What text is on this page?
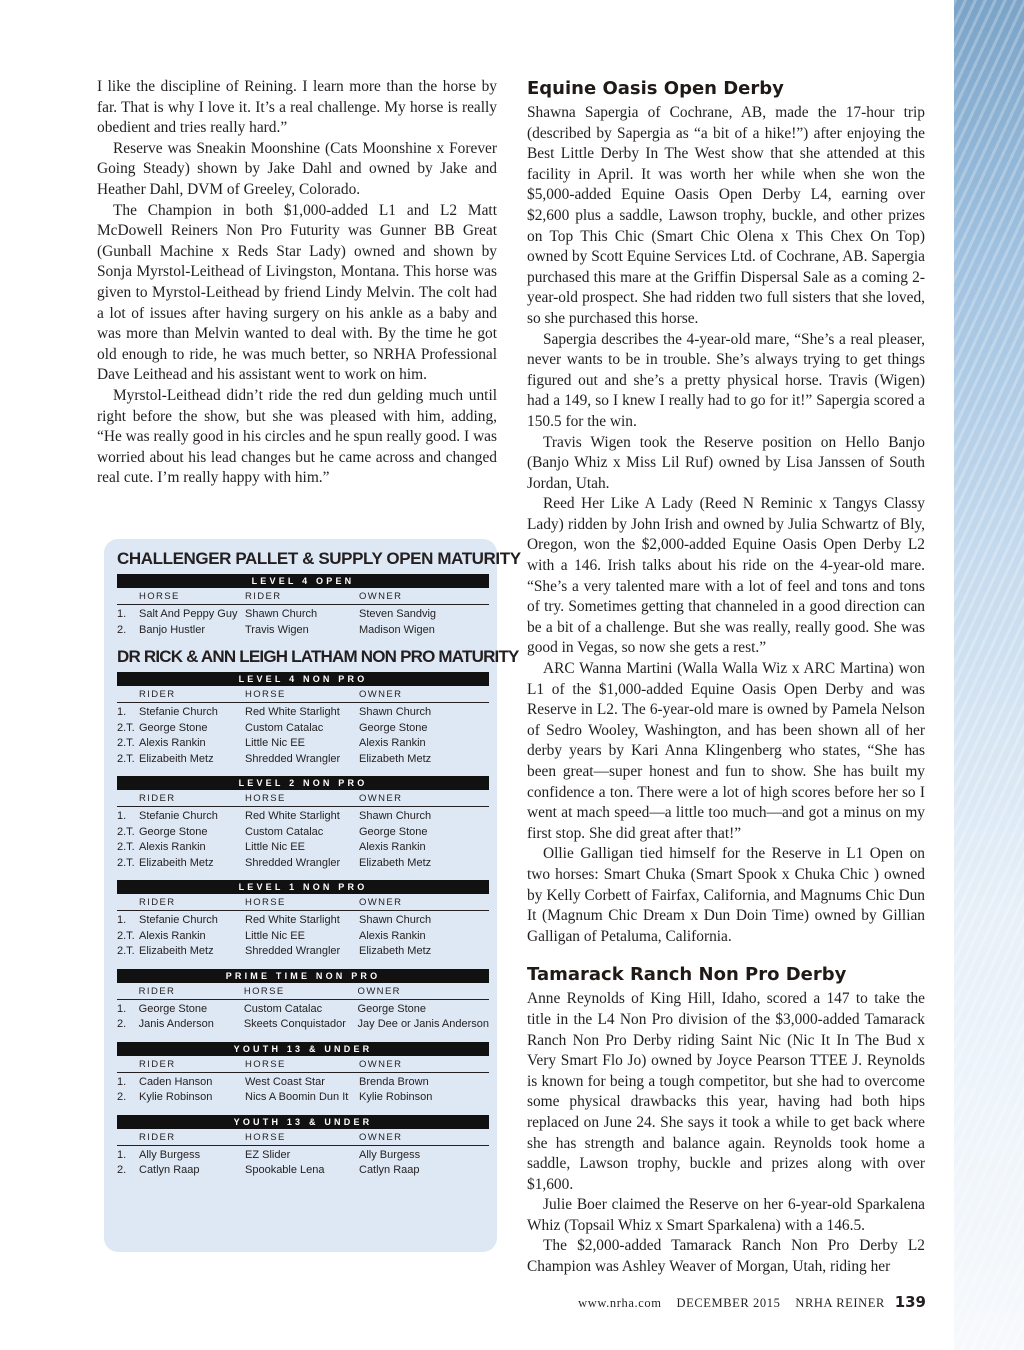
I like the discipline of Reining. I learn more than the horse by far. That is why I love it. It’s a real challenge. My horse is really obedient and tries really hard.”

Reserve was Sneakin Moonshine (Cats Moonshine x Forever Going Steady) shown by Jake Dahl and owned by Jake and Heather Dahl, DVM of Greeley, Colorado.

The Champion in both $1,000-added L1 and L2 Matt McDowell Reiners Non Pro Futurity was Gunner BB Great (Gunball Machine x Reds Star Lady) owned and shown by Sonja Myrstol-Leithead of Livingston, Montana. This horse was given to Myrstol-Leithead by friend Lindy Melvin. The colt had a lot of issues after having surgery on his ankle as a baby and was more than Melvin wanted to deal with. By the time he got old enough to ride, he was much better, so NRHA Professional Dave Leithead and his assistant went to work on him.

Myrstol-Leithead didn’t ride the red dun gelding much until right before the show, but she was pleased with him, adding, “He was really good in his circles and he spun really good. I was worried about his lead changes but he came across and changed real cute. I’m really happy with him.”

CHALLENGER PALLET & SUPPLY OPEN MATURITY
LEVEL 4 OPEN
	HORSE	RIDER	OWNER
1.	Salt And Peppy Guy	Shawn Church	Steven Sandvig
2.	Banjo Hustler	Travis Wigen	Madison Wigen
DR RICK & ANN LEIGH LATHAM NON PRO MATURITY
LEVEL 4 NON PRO
	RIDER	HORSE	OWNER
1.	Stefanie Church	Red White Starlight	Shawn Church
2.T.	George Stone	Custom Catalac	George Stone
2.T.	Alexis Rankin	Little Nic EE	Alexis Rankin
2.T.	Elizabeith Metz	Shredded Wrangler	Elizabeth Metz
LEVEL 2 NON PRO
	RIDER	HORSE	OWNER
1.	Stefanie Church	Red White Starlight	Shawn Church
2.T.	George Stone	Custom Catalac	George Stone
2.T.	Alexis Rankin	Little Nic EE	Alexis Rankin
2.T.	Elizabeith Metz	Shredded Wrangler	Elizabeth Metz
LEVEL 1 NON PRO
	RIDER	HORSE	OWNER
1.	Stefanie Church	Red White Starlight	Shawn Church
2.T.	Alexis Rankin	Little Nic EE	Alexis Rankin
2.T.	Elizabeith Metz	Shredded Wrangler	Elizabeth Metz
PRIME TIME NON PRO
	RIDER	HORSE	OWNER
1.	George Stone	Custom Catalac	George Stone
2.	Janis Anderson	Skeets Conquistador	Jay Dee or Janis Anderson
YOUTH 13 & UNDER
	RIDER	HORSE	OWNER
1.	Caden Hanson	West Coast Star	Brenda Brown
2.	Kylie Robinson	Nics A Boomin Dun It	Kylie Robinson
YOUTH 13 & UNDER
	RIDER	HORSE	OWNER
1.	Ally Burgess	EZ Slider	Ally Burgess
2.	Catlyn Raap	Spookable Lena	Catlyn Raap
Equine Oasis Open Derby

Shawna Sapergia of Cochrane, AB, made the 17-hour trip (described by Sapergia as “a bit of a hike!”) after enjoying the Best Little Derby In The West show that she attended at this facility in April. It was worth her while when she won the $5,000-added Equine Oasis Open Derby L4, earning over $2,600 plus a saddle, Lawson trophy, buckle, and other prizes on Top This Chic (Smart Chic Olena x This Chex On Top) owned by Scott Equine Services Ltd. of Cochrane, AB. Sapergia purchased this mare at the Griffin Dispersal Sale as a coming 2-year-old prospect. She had ridden two full sisters that she loved, so she purchased this horse.

Sapergia describes the 4-year-old mare, “She’s a real pleaser, never wants to be in trouble. She’s always trying to get things figured out and she’s a pretty physical horse. Travis (Wigen) had a 149, so I knew I really had to go for it!” Sapergia scored a 150.5 for the win.

Travis Wigen took the Reserve position on Hello Banjo (Banjo Whiz x Miss Lil Ruf) owned by Lisa Janssen of South Jordan, Utah.

Reed Her Like A Lady (Reed N Reminic x Tangys Classy Lady) ridden by John Irish and owned by Julia Schwartz of Bly, Oregon, won the $2,000-added Equine Oasis Open Derby L2 with a 146. Irish talks about his ride on the 4-year-old mare. “She’s a very talented mare with a lot of feel and tons and tons of try. Sometimes getting that channeled in a good direction can be a bit of a challenge. But she was really, really good. She was good in Vegas, so now she gets a rest.”

ARC Wanna Martini (Walla Walla Wiz x ARC Martina) won L1 of the $1,000-added Equine Oasis Open Derby and was Reserve in L2. The 6-year-old mare is owned by Pamela Nelson of Sedro Wooley, Washington, and has been shown all of her derby years by Kari Anna Klingenberg who states, “She has been great—super honest and fun to show. She has built my confidence a ton. There were a lot of high scores before her so I went at mach speed—a little too much—and got a minus on my first stop. She did great after that!”

Ollie Galligan tied himself for the Reserve in L1 Open on two horses: Smart Chuka (Smart Spook x Chuka Chic ) owned by Kelly Corbett of Fairfax, California, and Magnums Chic Dun It (Magnum Chic Dream x Dun Doin Time) owned by Gillian Galligan of Petaluma, California.

Tamarack Ranch Non Pro Derby

Anne Reynolds of King Hill, Idaho, scored a 147 to take the title in the L4 Non Pro division of the $3,000-added Tamarack Ranch Non Pro Derby riding Saint Nic (Nic It In The Bud x Very Smart Flo Jo) owned by Joyce Pearson TTEE J. Reynolds is known for being a tough competitor, but she had to overcome some physical drawbacks this year, having had both hips replaced on June 24. She says it took a while to get back where she has strength and balance again. Reynolds took home a saddle, Lawson trophy, buckle and prizes along with over $1,600.

Julie Boer claimed the Reserve on her 6-year-old Sparkalena Whiz (Topsail Whiz x Smart Sparkalena) with a 146.5.

The $2,000-added Tamarack Ranch Non Pro Derby L2 Champion was Ashley Weaver of Morgan, Utah, riding her

www.nrha.com DECEMBER 2015 NRHA REINER 139
